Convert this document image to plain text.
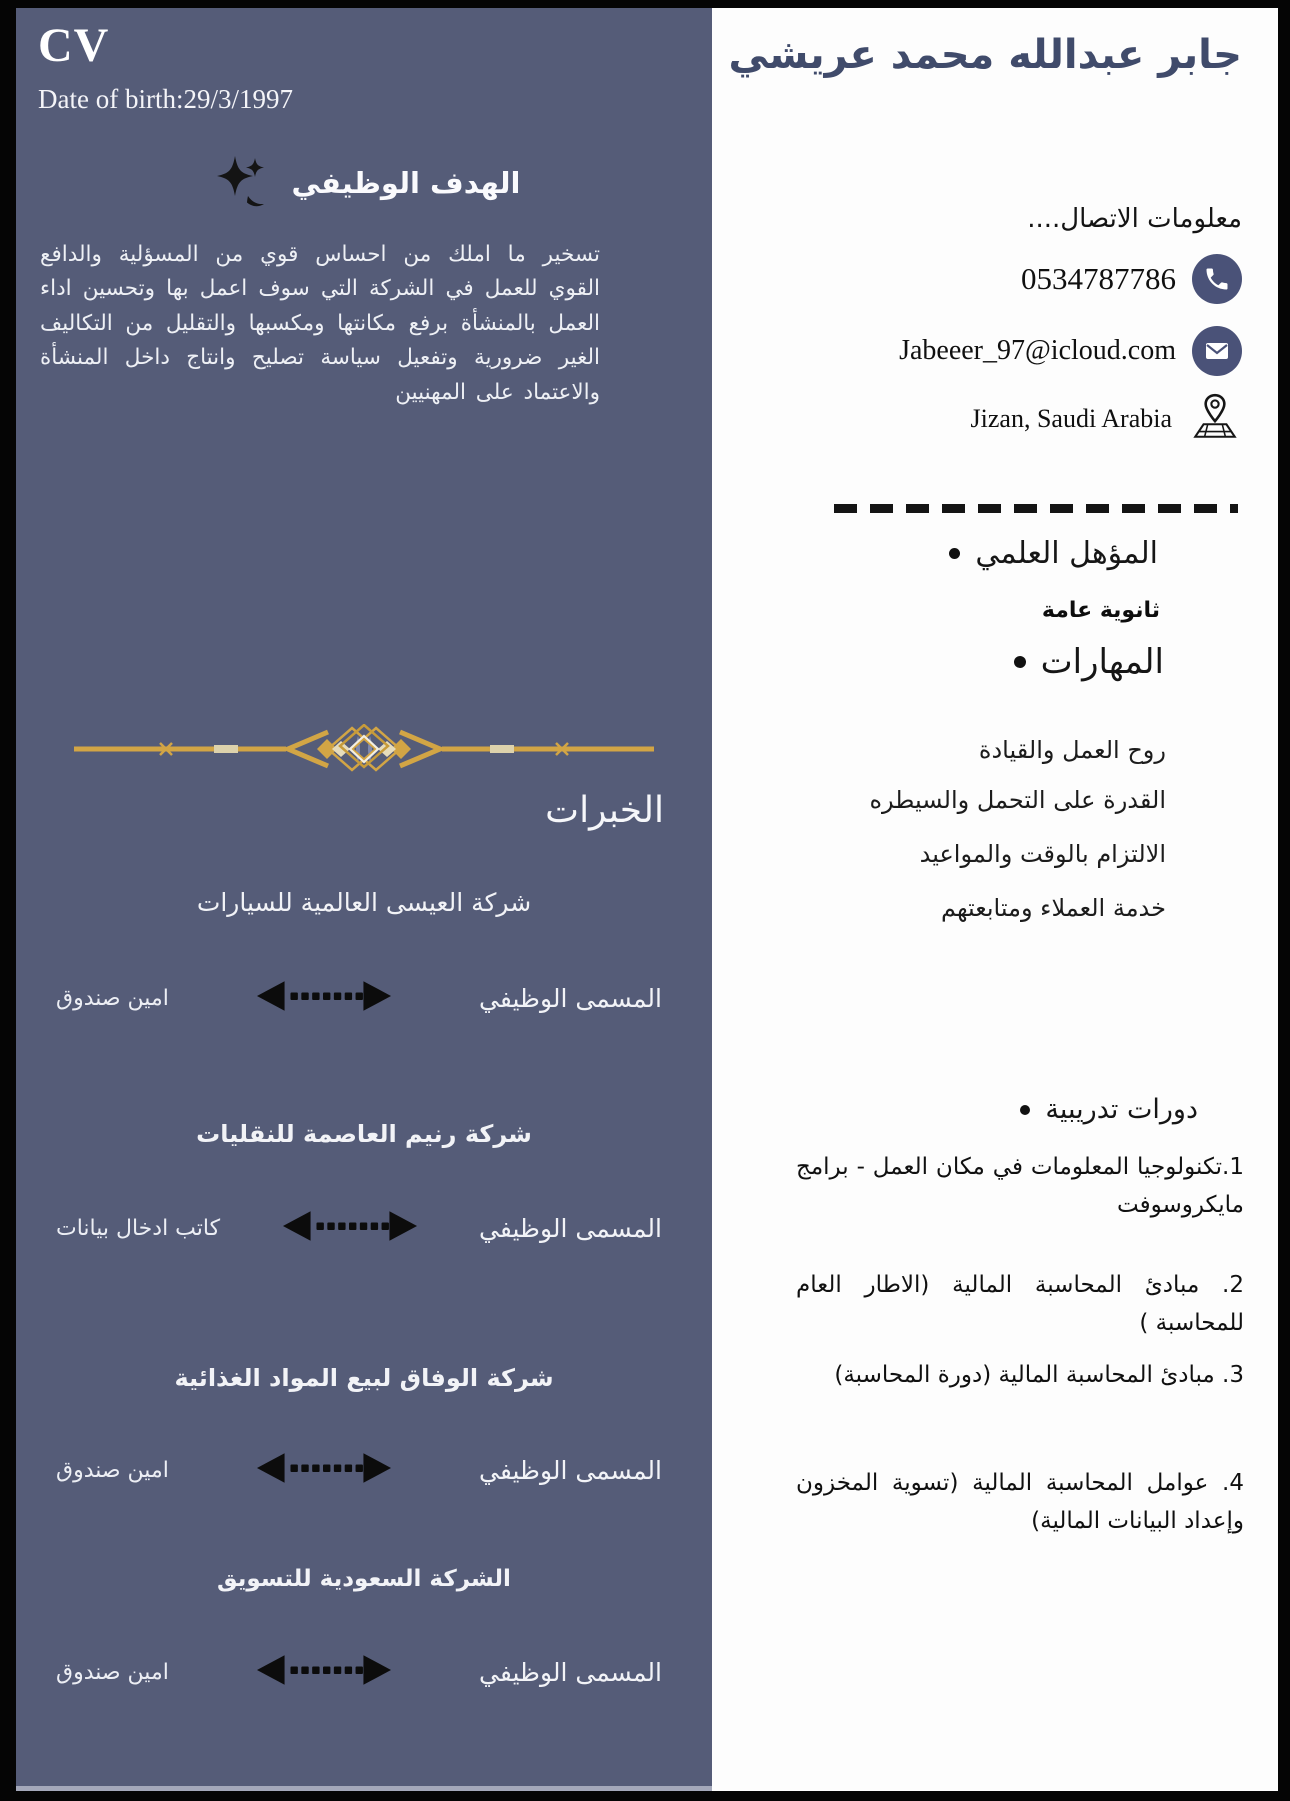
CV
Date of birth:29/3/1997
الهدف الوظيفي
تسخير ما املك من احساس قوي من المسؤلية والدافع القوي للعمل في الشركة التي سوف اعمل بها وتحسين اداء العمل بالمنشأة برفع مكانتها ومكسبها والتقليل من التكاليف الغير ضرورية وتفعيل سياسة تصليح وانتاج داخل المنشأة والاعتماد على المهنيين
الخبرات
شركة العيسى العالمية للسيارات
المسمى الوظيفي
امين صندوق
شركة رنيم العاصمة للنقليات
المسمى الوظيفي
كاتب ادخال بيانات
شركة الوفاق لبيع المواد الغذائية
المسمى الوظيفي
امين صندوق
الشركة السعودية للتسويق
المسمى الوظيفي
امين صندوق
جابر عبدالله محمد عريشي
معلومات الاتصال....
0534787786
Jabeeer_97@icloud.com
Jizan, Saudi Arabia
المؤهل العلمي
ثانوية عامة
المهارات
روح العمل والقيادة
القدرة على التحمل والسيطره
الالتزام بالوقت والمواعيد
خدمة العملاء ومتابعتهم
دورات تدريبية
1.تكنولوجيا المعلومات في مكان العمل - برامج مايكروسوفت
2. مبادئ المحاسبة المالية (الاطار العام للمحاسبة )
3. مبادئ المحاسبة المالية (دورة المحاسبة)
4. عوامل المحاسبة المالية (تسوية المخزون وإعداد البيانات المالية)
